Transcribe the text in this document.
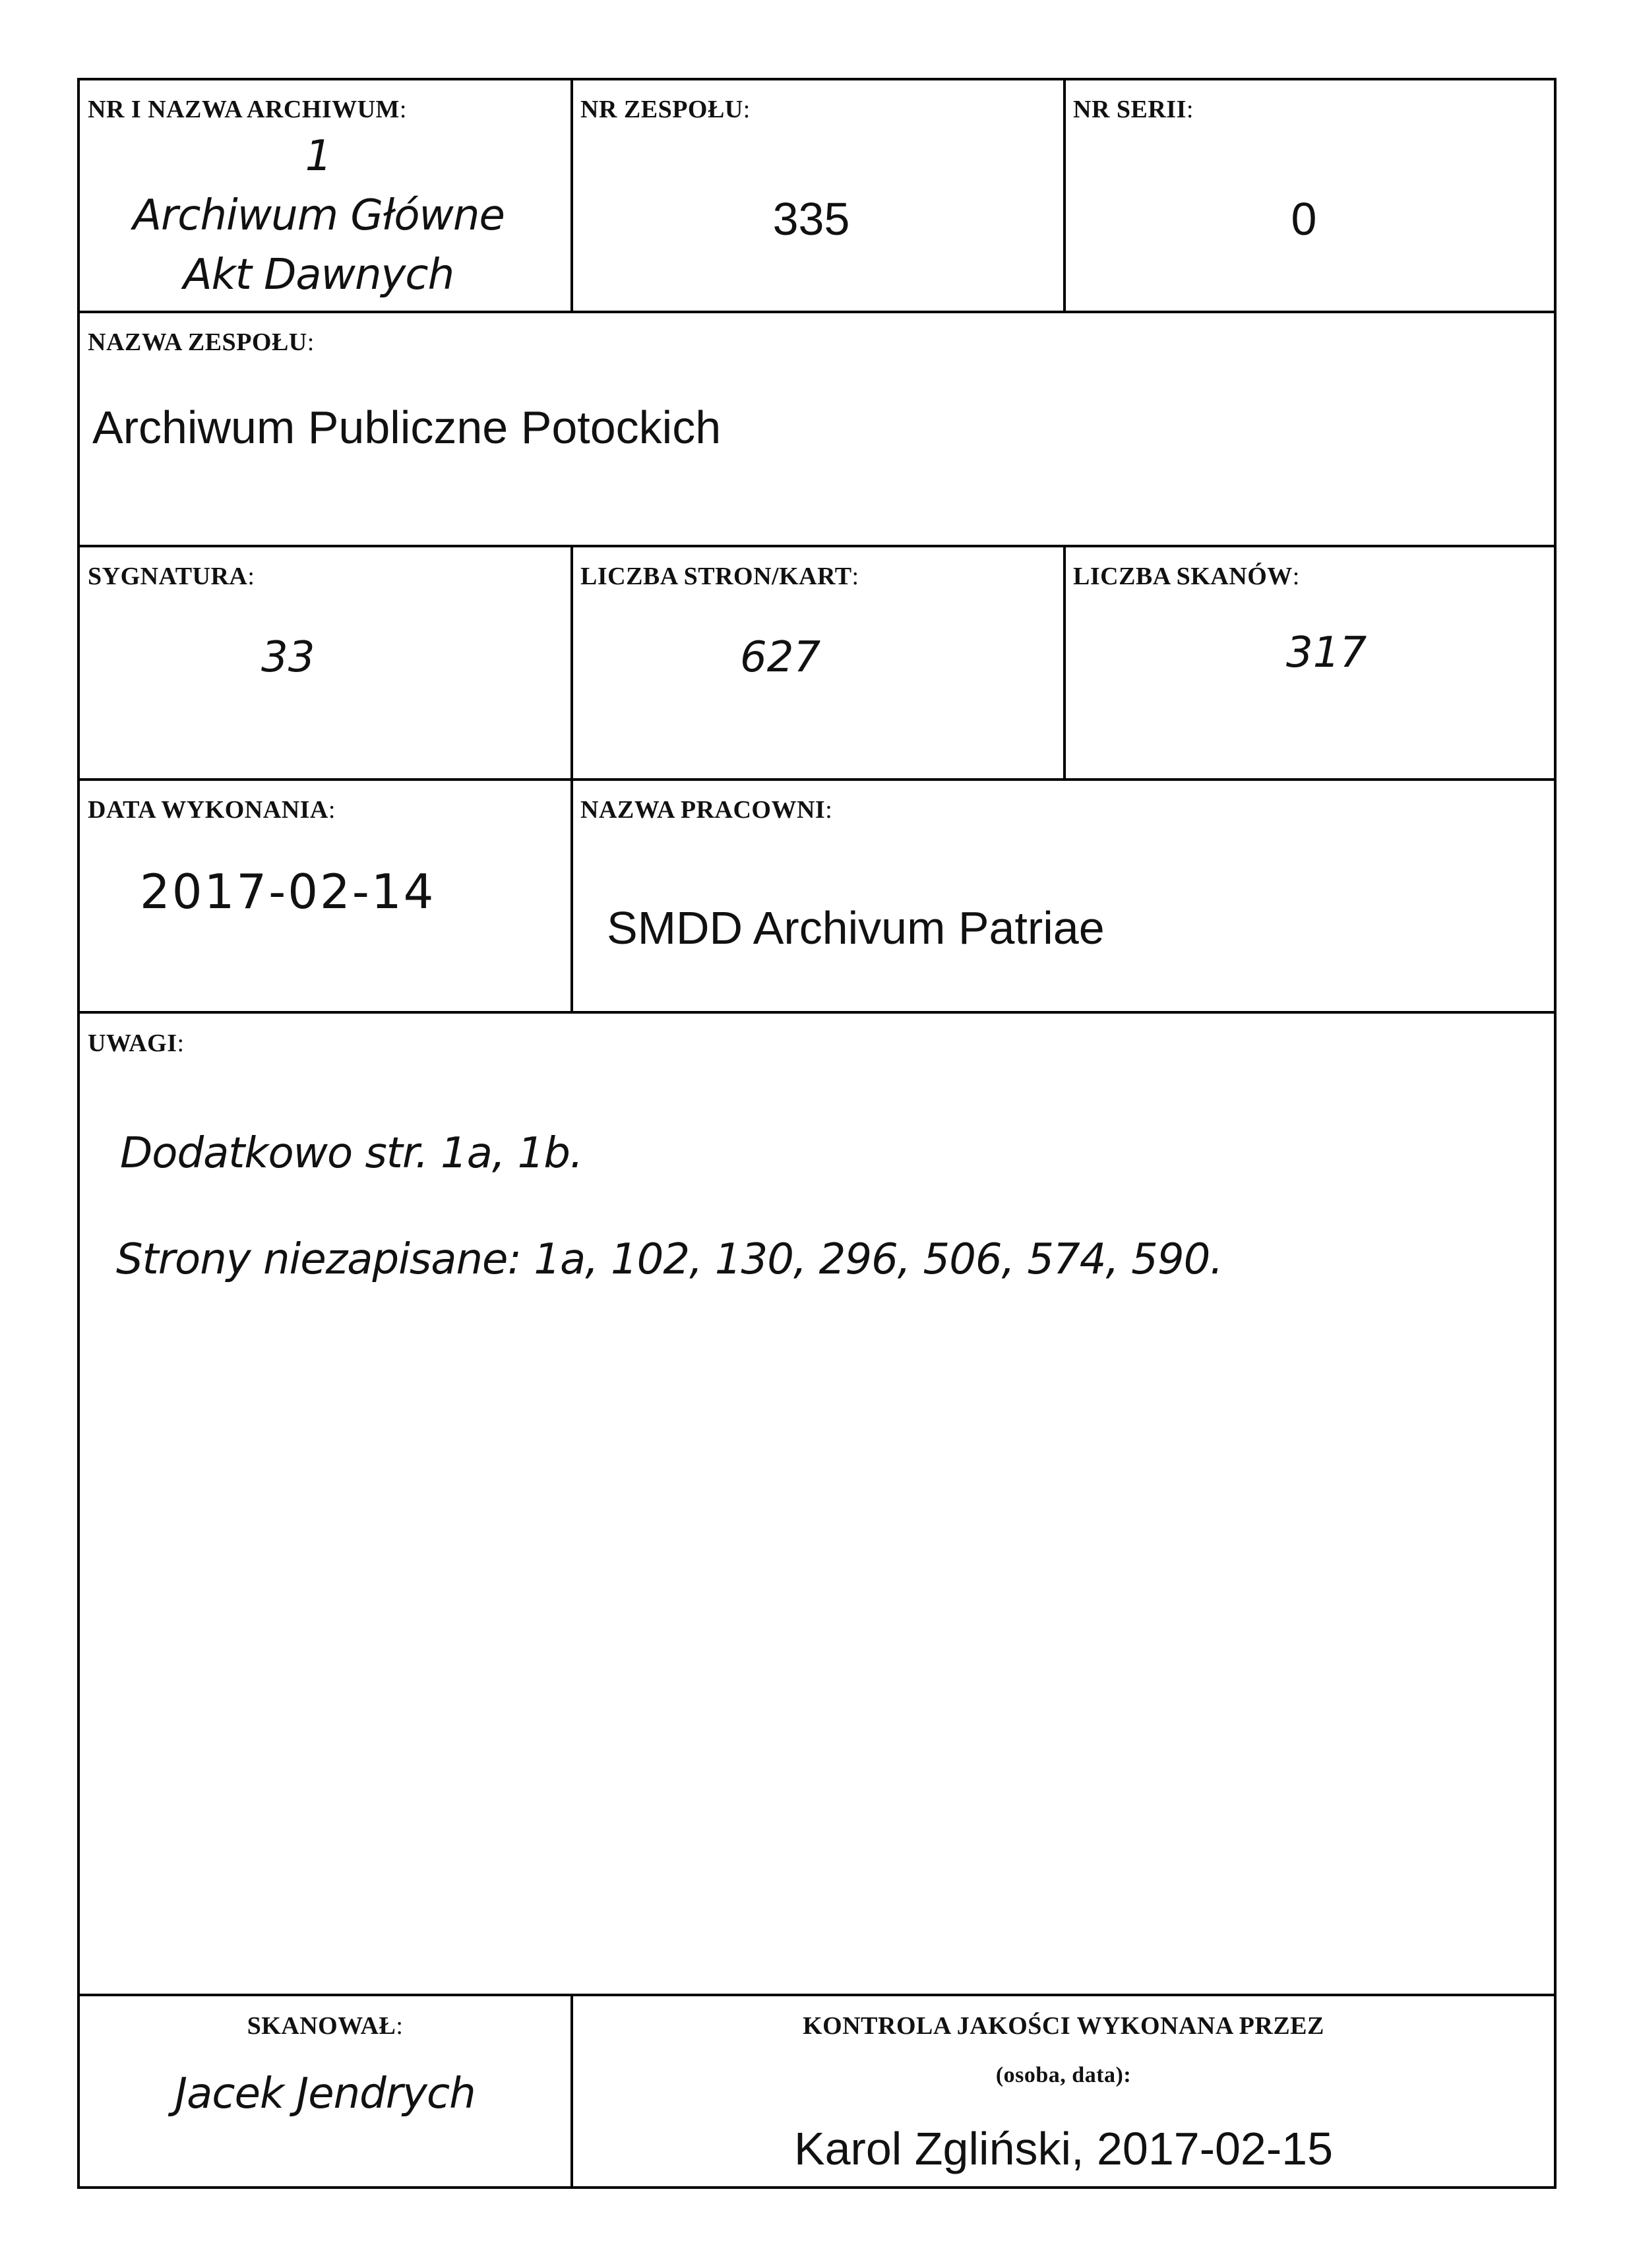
NR I NAZWA ARCHIWUM:
1
Archiwum Główne
Akt Dawnych
NR ZESPOŁU:
335
NR SERII:
0
NAZWA ZESPOŁU:
Archiwum Publiczne Potockich
SYGNATURA:
33
LICZBA STRON/KART:
627
LICZBA SKANÓW:
317
DATA WYKONANIA:
2017-02-14
NAZWA PRACOWNI:
SMDD Archivum Patriae
UWAGI:
Dodatkowo str. 1a, 1b.
Strony niezapisane: 1a, 102, 130, 296, 506, 574, 590.
SKANOWAŁ:
Jacek Jendrych
KONTROLA JAKOŚCI WYKONANA PRZEZ
(osoba, data):
Karol Zgliński, 2017-02-15
